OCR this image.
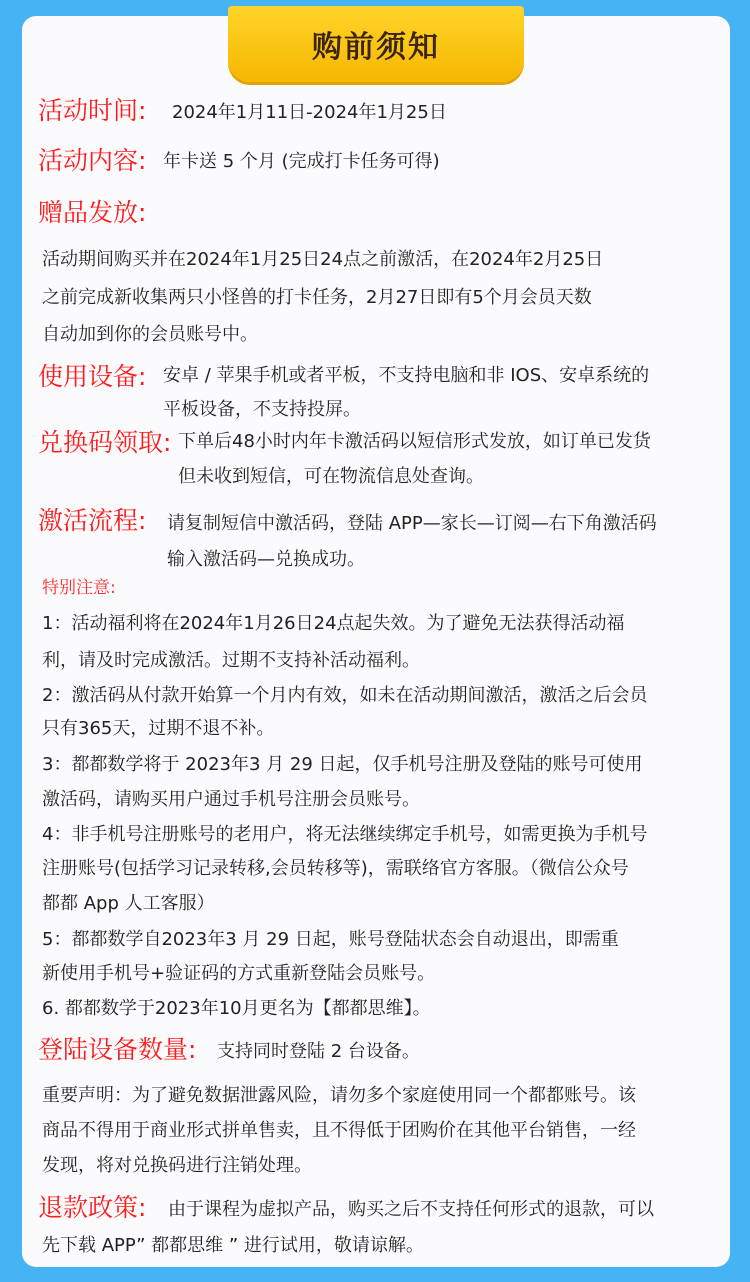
购前须知
活动时间: 2024年1月11日-2024年1月25日
活动内容: 年卡送 5 个月 (完成打卡任务可得)
赠品发放:
活动期间购买并在2024年1月25日24点之前激活，在2024年2月25日
之前完成新收集两只小怪兽的打卡任务，2月27日即有5个月会员天数
自动加到你的会员账号中。
使用设备: 安卓 / 苹果手机或者平板，不支持电脑和非 IOS、安卓系统的
平板设备，不支持投屏。
兑换码领取: 下单后48小时内年卡激活码以短信形式发放，如订单已发货
但未收到短信，可在物流信息处查询。
激活流程: 请复制短信中激活码，登陆 APP—家长—订阅—右下角激活码
输入激活码—兑换成功。
特别注意:
1：活动福利将在2024年1月26日24点起失效。为了避免无法获得活动福
利，请及时完成激活。过期不支持补活动福利。
2：激活码从付款开始算一个月内有效，如未在活动期间激活，激活之后会员
只有365天，过期不退不补。
3：都都数学将于 2023年3 月 29 日起，仅手机号注册及登陆的账号可使用
激活码，请购买用户通过手机号注册会员账号。
4：非手机号注册账号的老用户，将无法继续绑定手机号，如需更换为手机号
注册账号(包括学习记录转移,会员转移等)，需联络官方客服。（微信公众号
都都 App 人工客服）
5：都都数学自2023年3 月 29 日起，账号登陆状态会自动退出，即需重
新使用手机号+验证码的方式重新登陆会员账号。
6. 都都数学于2023年10月更名为【都都思维】。
登陆设备数量: 支持同时登陆 2 台设备。
重要声明：为了避免数据泄露风险，请勿多个家庭使用同一个都都账号。该
商品不得用于商业形式拼单售卖，且不得低于团购价在其他平台销售，一经
发现，将对兑换码进行注销处理。
退款政策: 由于课程为虚拟产品，购买之后不支持任何形式的退款，可以
先下载 APP” 都都思维 ” 进行试用，敬请谅解。
